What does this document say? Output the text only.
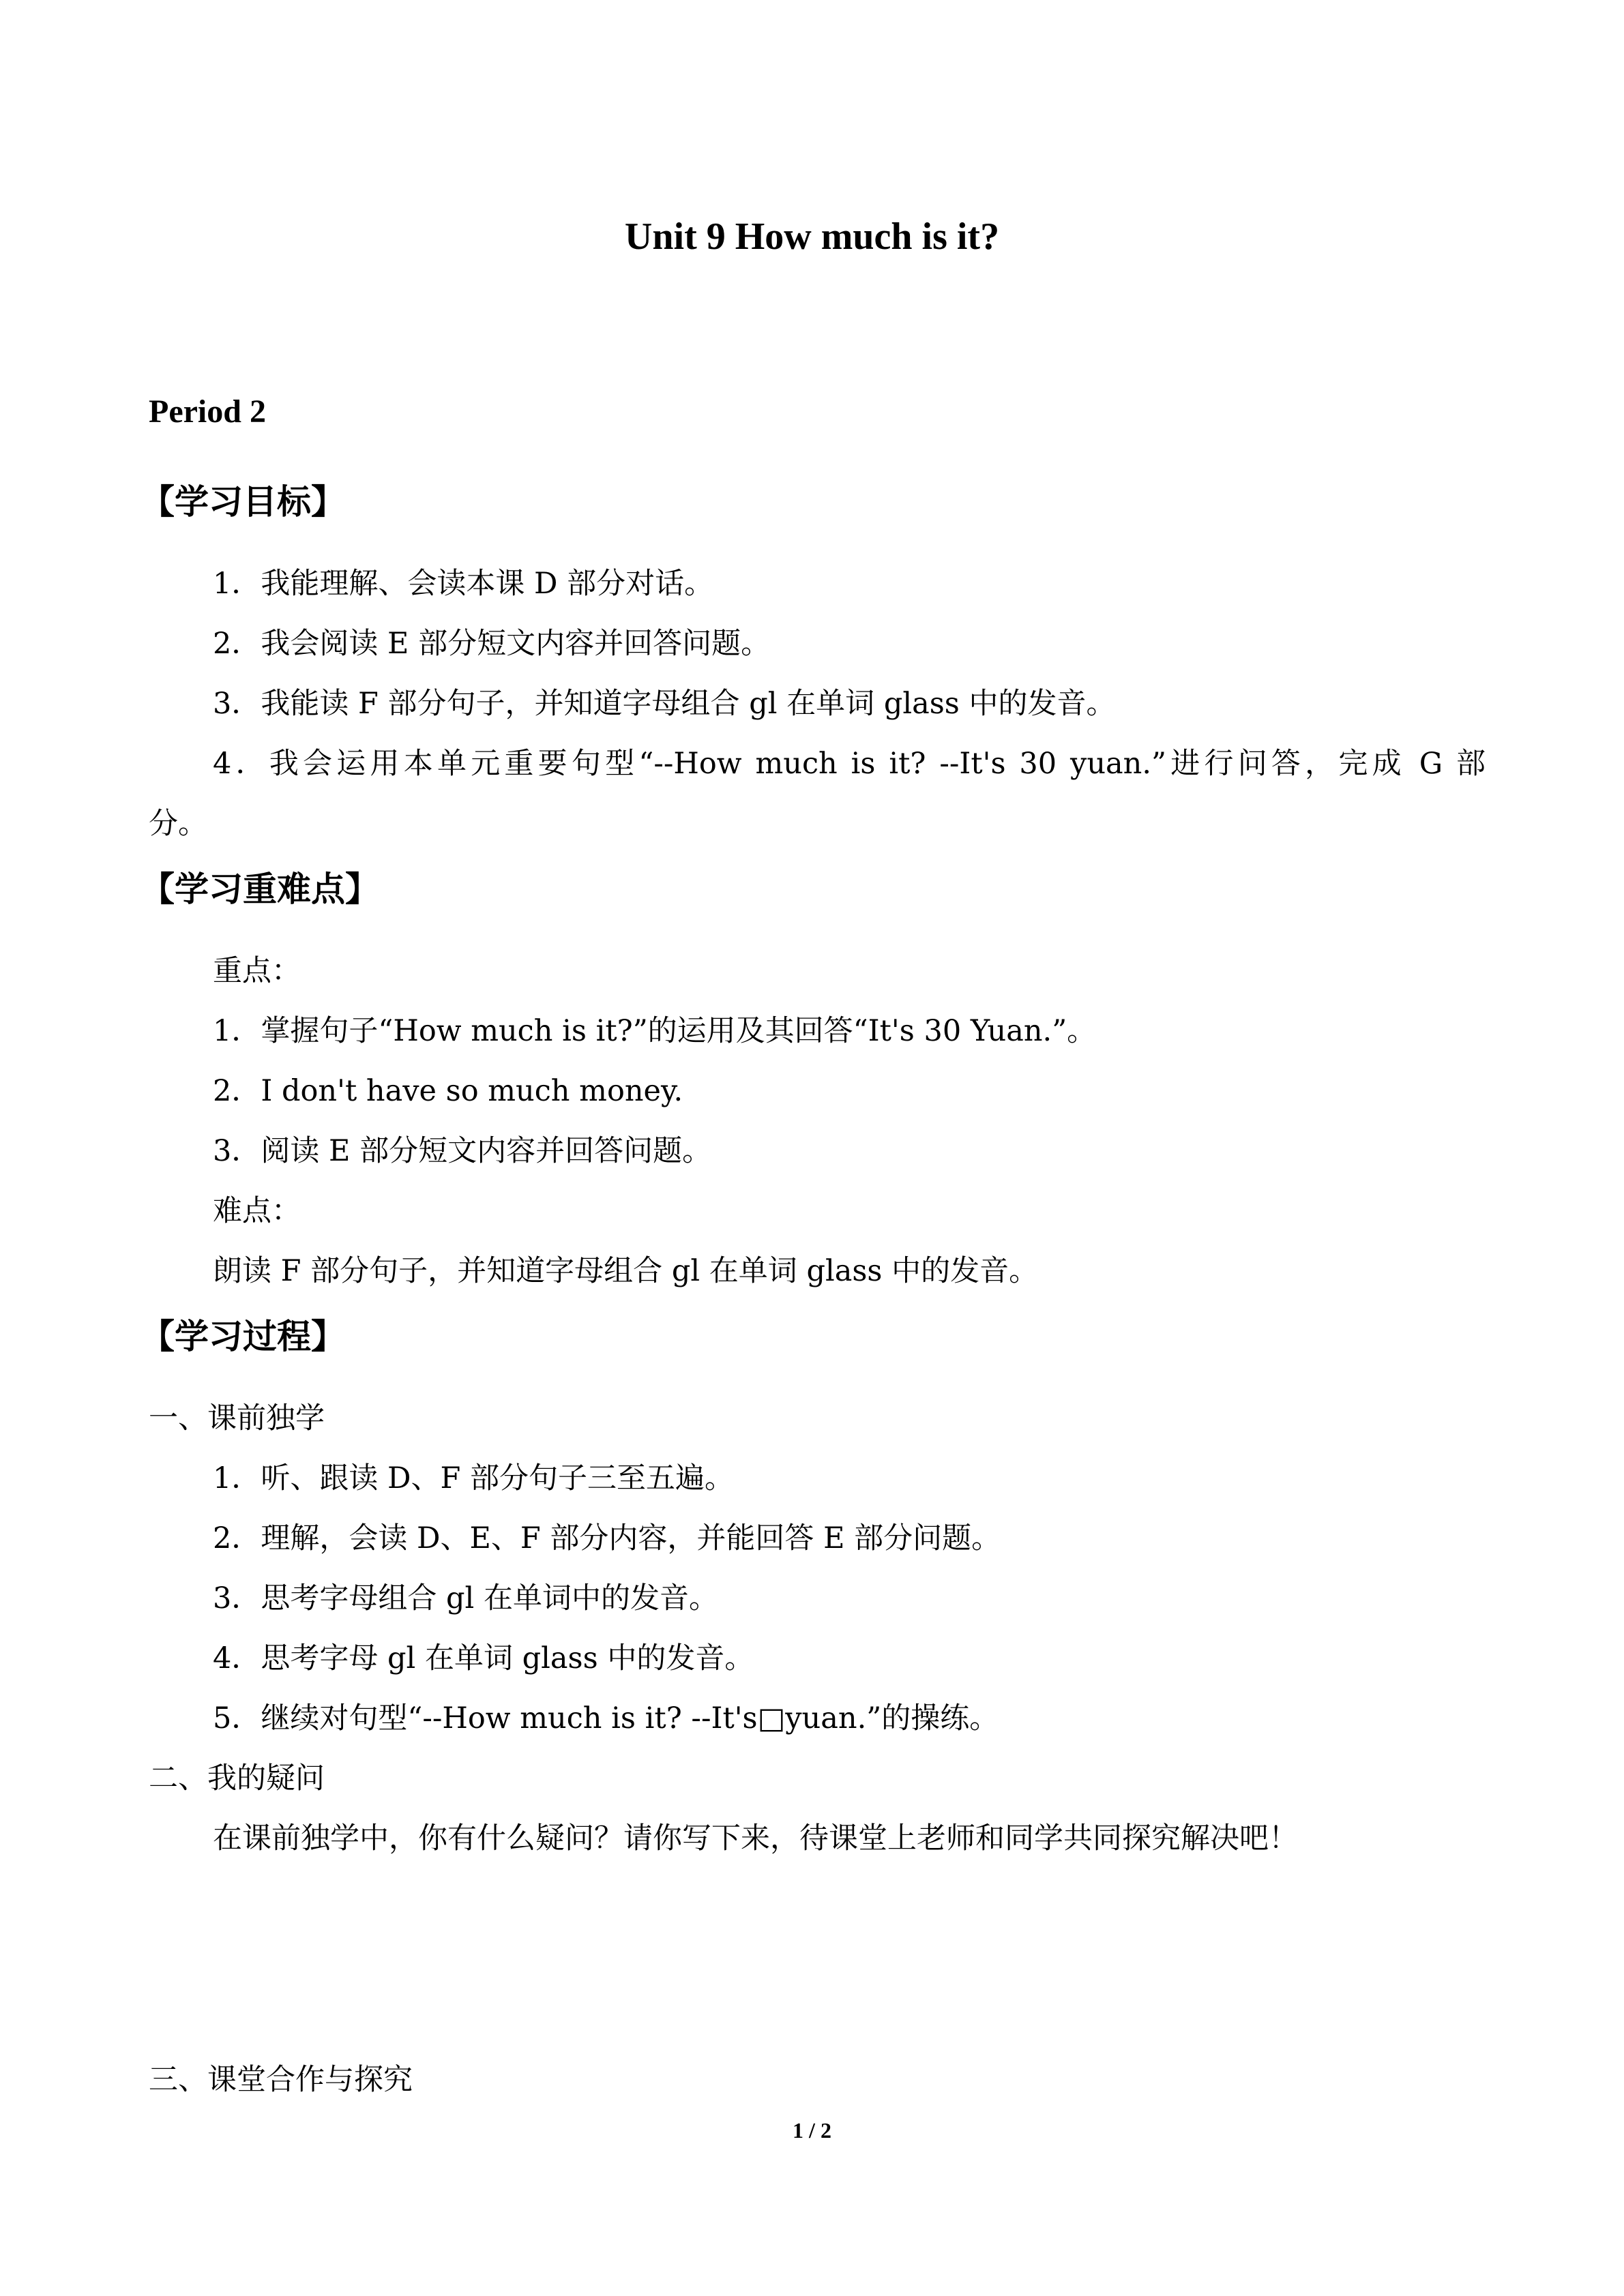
Unit 9 How much is it?
Period 2
【学习目标】
1．我能理解、会读本课 D 部分对话。
2．我会阅读 E 部分短文内容并回答问题。
3．我能读 F 部分句子，并知道字母组合 gl 在单词 glass 中的发音。
4．我会运用本单元重要句型“--How much is it? --It's 30 yuan.”进行问答，完成 G 部
分。
【学习重难点】
重点：
1．掌握句子“How much is it?”的运用及其回答“It's 30 Yuan.”。
2．I don't have so much money.
3．阅读 E 部分短文内容并回答问题。
难点：
朗读 F 部分句子，并知道字母组合 gl 在单词 glass 中的发音。
【学习过程】
一、课前独学
1．听、跟读 D、F 部分句子三至五遍。
2．理解，会读 D、E、F 部分内容，并能回答 E 部分问题。
3．思考字母组合 gl 在单词中的发音。
4．思考字母 gl 在单词 glass 中的发音。
5．继续对句型“--How much is it? --It's□yuan.”的操练。
二、我的疑问
在课前独学中，你有什么疑问？请你写下来，待课堂上老师和同学共同探究解决吧！
三、课堂合作与探究
1 / 2
